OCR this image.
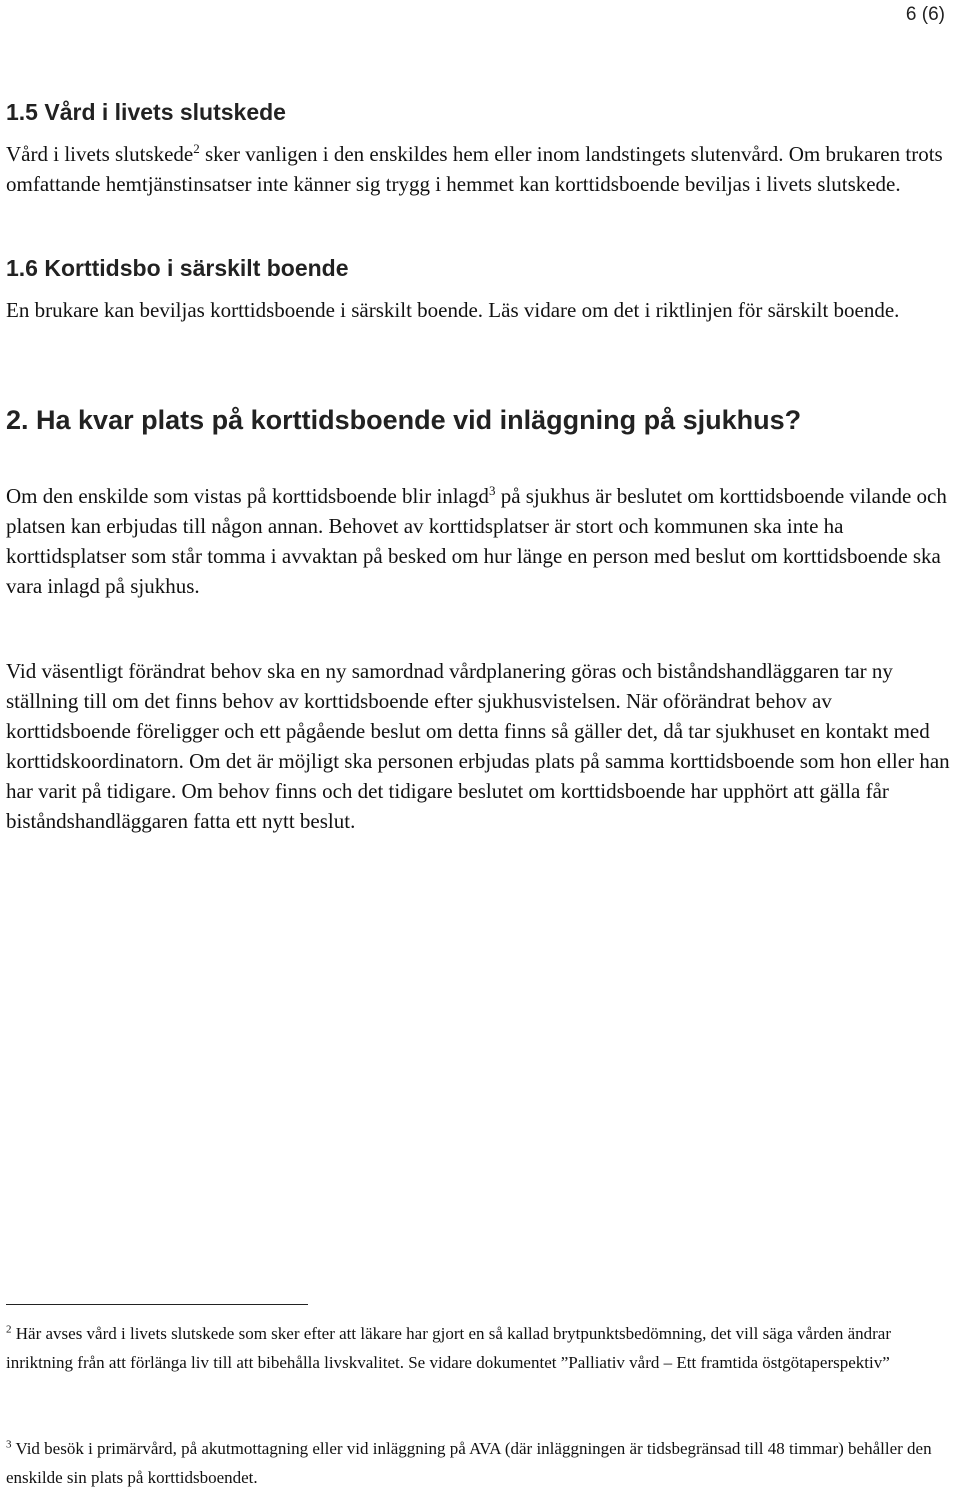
6 (6)
1.5 Vård i livets slutskede

Vård i livets slutskede$^2$ sker vanligen i den enskildes hem eller inom landstingets slutenvård. Om brukaren trots omfattande hemtjänstinsatser inte känner sig trygg i hemmet kan korttidsboende beviljas i livets slutskede.

1.6 Korttidsbo i särskilt boende

En brukare kan beviljas korttidsboende i särskilt boende. Läs vidare om det i riktlinjen för särskilt boende.

2. Ha kvar plats på korttidsboende vid inläggning på sjukhus?

Om den enskilde som vistas på korttidsboende blir inlagd$^3$ på sjukhus är beslutet om korttidsboende vilande och platsen kan erbjudas till någon annan. Behovet av korttidsplatser är stort och kommunen ska inte ha korttidsplatser som står tomma i avvaktan på besked om hur länge en person med beslut om korttidsboende ska vara inlagd på sjukhus.

Vid väsentligt förändrat behov ska en ny samordnad vårdplanering göras och biståndshandläggaren tar ny ställning till om det finns behov av korttidsboende efter sjukhusvistelsen. När oförändrat behov av korttidsboende föreligger och ett pågående beslut om detta finns så gäller det, då tar sjukhuset en kontakt med korttidskoordinatorn. Om det är möjligt ska personen erbjudas plats på samma korttidsboende som hon eller han har varit på tidigare. Om behov finns och det tidigare beslutet om korttidsboende har upphört att gälla får biståndshandläggaren fatta ett nytt beslut.

$^2$ Här avses vård i livets slutskede som sker efter att läkare har gjort en så kallad brytpunktsbedömning, det vill säga vården ändrar inriktning från att förlänga liv till att bibehålla livskvalitet. Se vidare dokumentet ”Palliativ vård – Ett framtida östgötaperspektiv”

$^3$ Vid besök i primärvård, på akutmottagning eller vid inläggning på AVA (där inläggningen är tidsbegränsad till 48 timmar) behåller den enskilde sin plats på korttidsboendet.
